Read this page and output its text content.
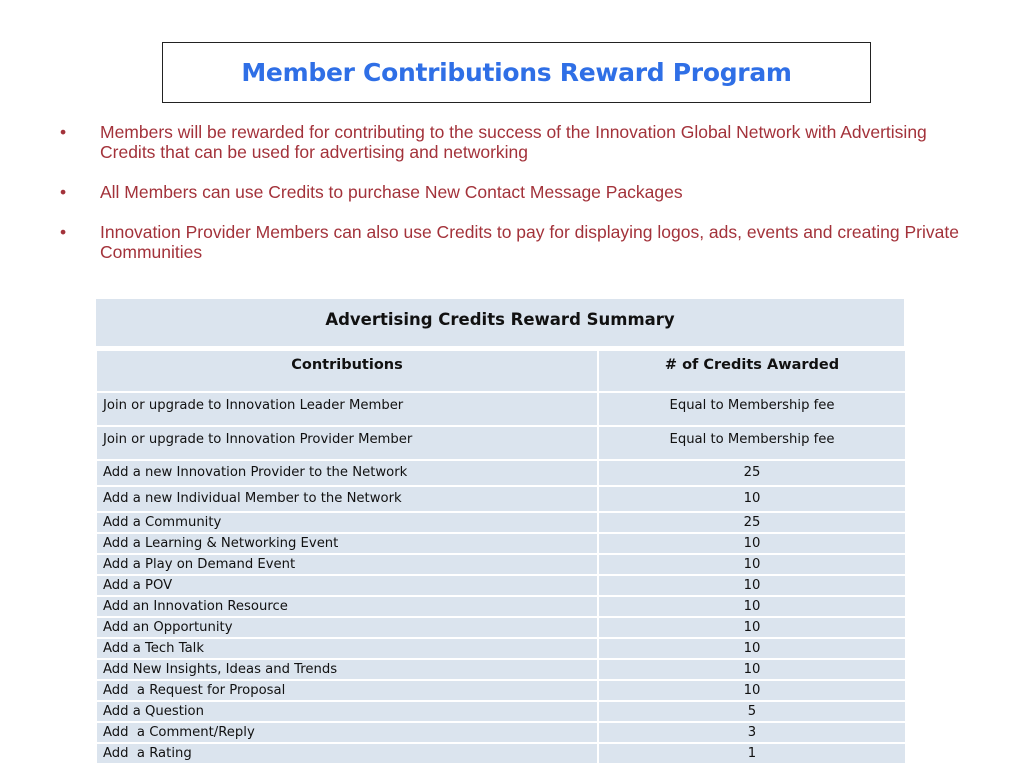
Member Contributions Reward Program
• Members will be rewarded for contributing to the success of the Innovation Global Network with Advertising Credits that can be used for advertising and networking
• All Members can use Credits to purchase New Contact Message Packages
• Innovation Provider Members can also use Credits to pay for displaying logos, ads, events and creating Private Communities
Advertising Credits Reward Summary
Contributions	# of Credits Awarded
Join or upgrade to Innovation Leader Member	Equal to Membership fee
Join or upgrade to Innovation Provider Member	Equal to Membership fee
Add a new Innovation Provider to the Network	25
Add a new Individual Member to the Network	10
Add a Community	25
Add a Learning & Networking Event	10
Add a Play on Demand Event	10
Add a POV	10
Add an Innovation Resource	10
Add an Opportunity	10
Add a Tech Talk	10
Add New Insights, Ideas and Trends	10
Add  a Request for Proposal	10
Add a Question	5
Add  a Comment/Reply	3
Add  a Rating	1
